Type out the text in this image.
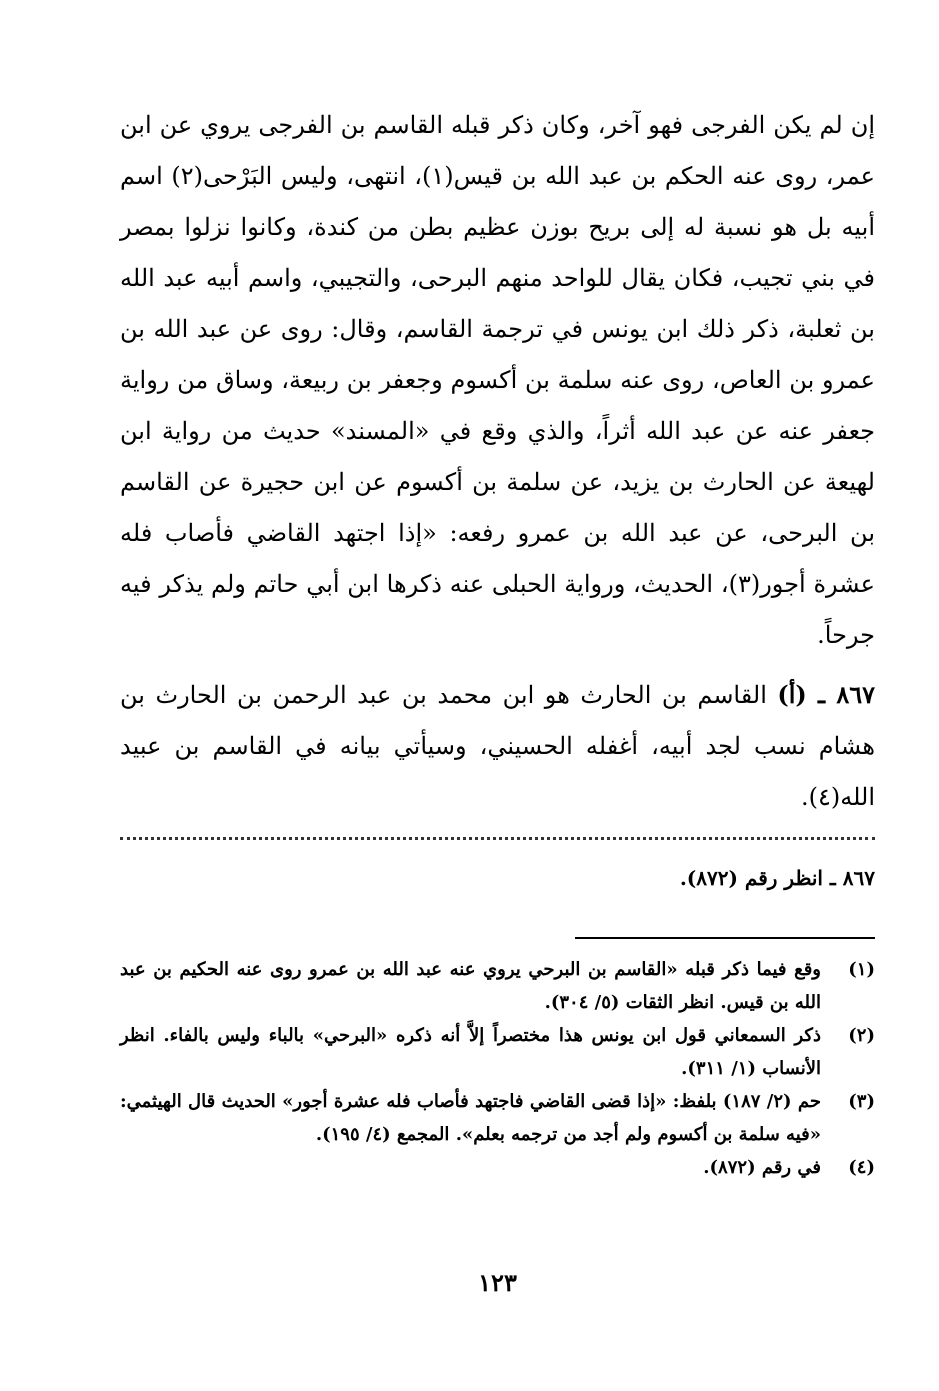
إن لم يكن الفرجى فهو آخر، وكان ذكر قبله القاسم بن الفرجى يروي عن ابن عمر، روى عنه الحكم بن عبد الله بن قيس(١)، انتهى، وليس البَرْحى(٢) اسم أبيه بل هو نسبة له إلى بريح بوزن عظيم بطن من كندة، وكانوا نزلوا بمصر في بني تجيب، فكان يقال للواحد منهم البرحى، والتجيبي، واسم أبيه عبد الله بن ثعلبة، ذكر ذلك ابن يونس في ترجمة القاسم، وقال: روى عن عبد الله بن عمرو بن العاص، روى عنه سلمة بن أكسوم وجعفر بن ربيعة، وساق من رواية جعفر عنه عن عبد الله أثراً، والذي وقع في «المسند» حديث من رواية ابن لهيعة عن الحارث بن يزيد، عن سلمة بن أكسوم عن ابن حجيرة عن القاسم بن البرحى، عن عبد الله بن عمرو رفعه: «إذا اجتهد القاضي فأصاب فله عشرة أجور(٣)، الحديث، ورواية الحبلى عنه ذكرها ابن أبي حاتم ولم يذكر فيه جرحاً.

٨٦٧ ـ (أ) القاسم بن الحارث هو ابن محمد بن عبد الرحمن بن الحارث بن هشام نسب لجد أبيه، أغفله الحسيني، وسيأتي بيانه في القاسم بن عبيد الله(٤).

٨٦٧ ـ انظر رقم (٨٧٢).
(١)
وقع فيما ذكر قبله «القاسم بن البرحي يروي عنه عبد الله بن عمرو روى عنه الحكيم بن عبد الله بن قيس. انظر الثقات (٥/ ٣٠٤).
(٢)
ذكر السمعاني قول ابن يونس هذا مختصراً إلاَّ أنه ذكره «البرحي» بالباء وليس بالفاء. انظر الأنساب (١/ ٣١١).
(٣)
حم (٢/ ١٨٧) بلفظ: «إذا قضى القاضي فاجتهد فأصاب فله عشرة أجور» الحديث قال الهيثمي: «فيه سلمة بن أكسوم ولم أجد من ترجمه بعلم». المجمع (٤/ ١٩٥).
(٤)
في رقم (٨٧٢).
١٢٣
